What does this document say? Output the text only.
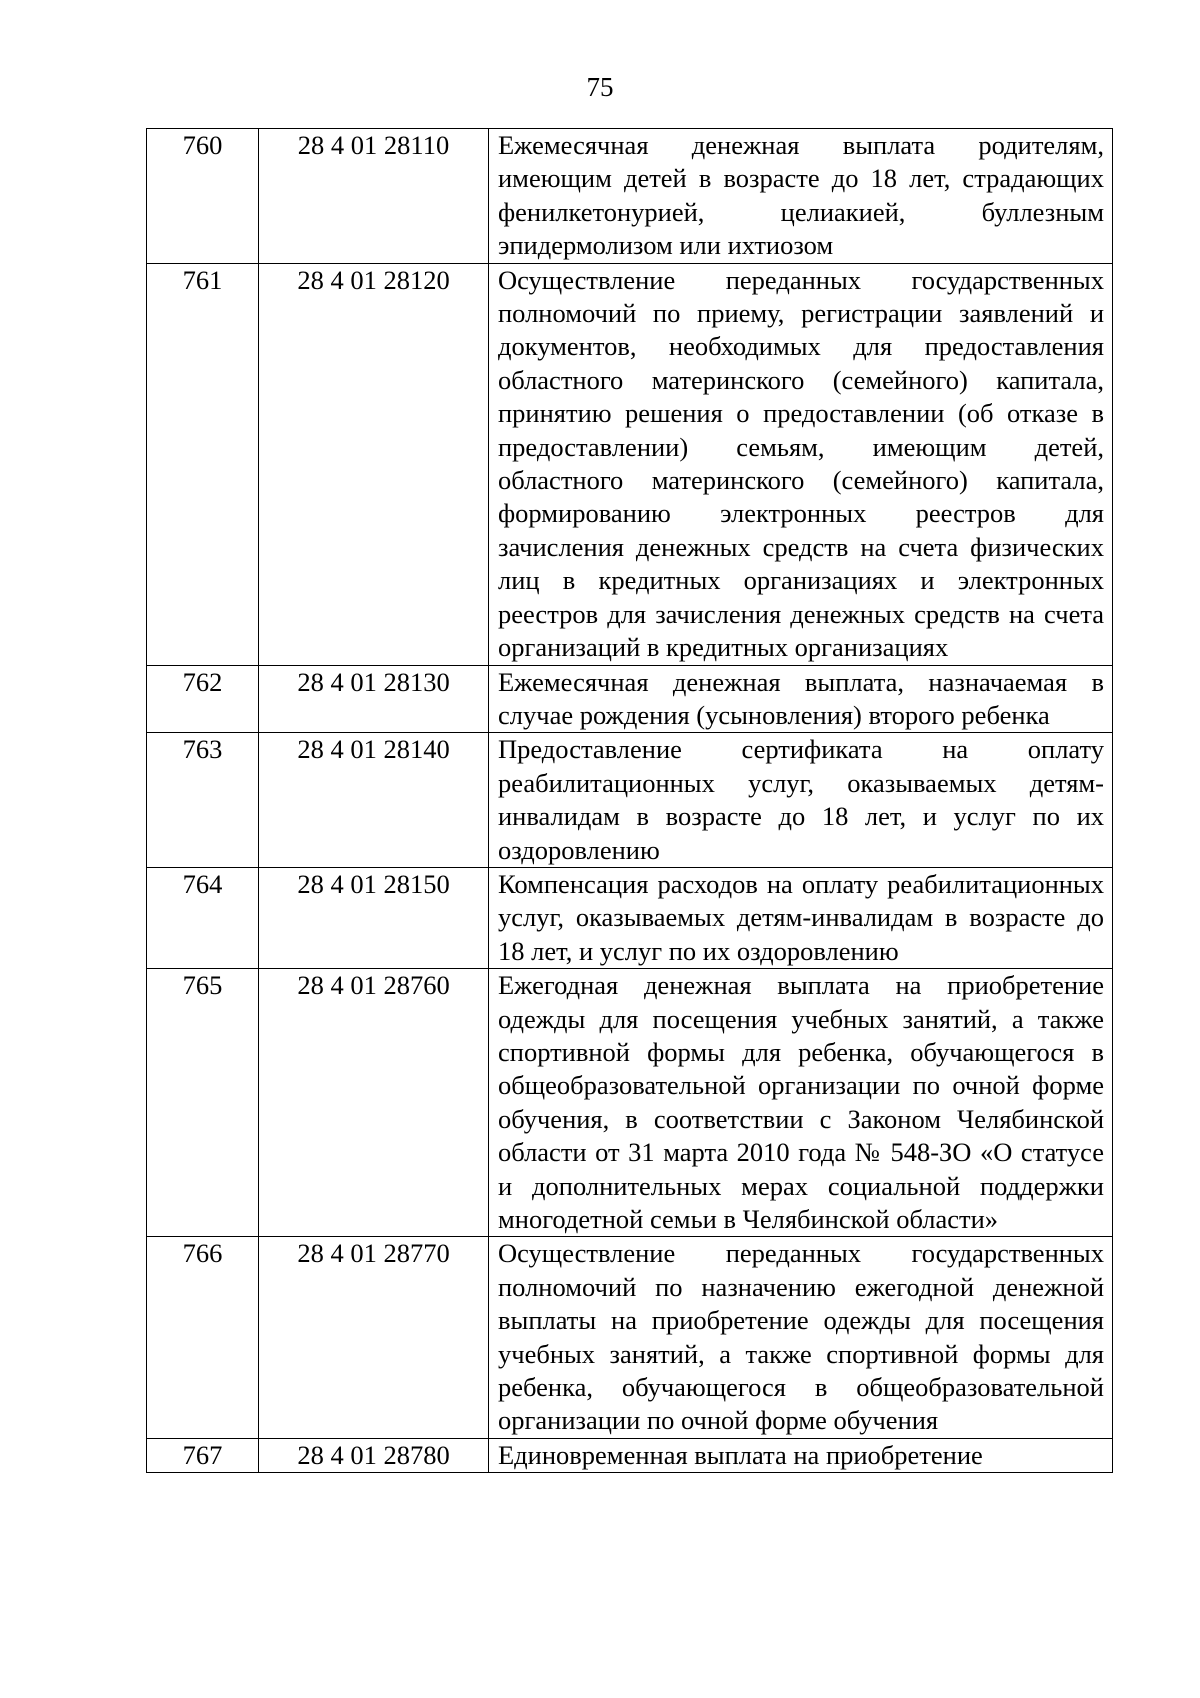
75
760	28 4 01 28110	Ежемесячная денежная выплата родителям, имеющим детей в возрасте до 18 лет, страдающих фенилкетонурией, целиакией, буллезным эпидермолизом или ихтиозом
761	28 4 01 28120	Осуществление переданных государственных полномочий по приему, регистрации заявлений и документов, необходимых для предоставления областного материнского (семейного) капитала, принятию решения о предоставлении (об отказе в предоставлении) семьям, имеющим детей, областного материнского (семейного) капитала, формированию электронных реестров для зачисления денежных средств на счета физических лиц в кредитных организациях и электронных реестров для зачисления денежных средств на счета организаций в кредитных организациях
762	28 4 01 28130	Ежемесячная денежная выплата, назначаемая в случае рождения (усыновления) второго ребенка
763	28 4 01 28140	Предоставление сертификата на оплату реабилитационных услуг, оказываемых детям-инвалидам в возрасте до 18 лет, и услуг по их оздоровлению
764	28 4 01 28150	Компенсация расходов на оплату реабилитационных услуг, оказываемых детям-инвалидам в возрасте до 18 лет, и услуг по их оздоровлению
765	28 4 01 28760	Ежегодная денежная выплата на приобретение одежды для посещения учебных занятий, а также спортивной формы для ребенка, обучающегося в общеобразовательной организации по очной форме обучения, в соответствии с Законом Челябинской области от 31 марта 2010 года № 548-ЗО «О статусе и дополнительных мерах социальной поддержки многодетной семьи в Челябинской области»
766	28 4 01 28770	Осуществление переданных государственных полномочий по назначению ежегодной денежной выплаты на приобретение одежды для посещения учебных занятий, а также спортивной формы для ребенка, обучающегося в общеобразовательной организации по очной форме обучения
767	28 4 01 28780	Единовременная выплата на приобретение
